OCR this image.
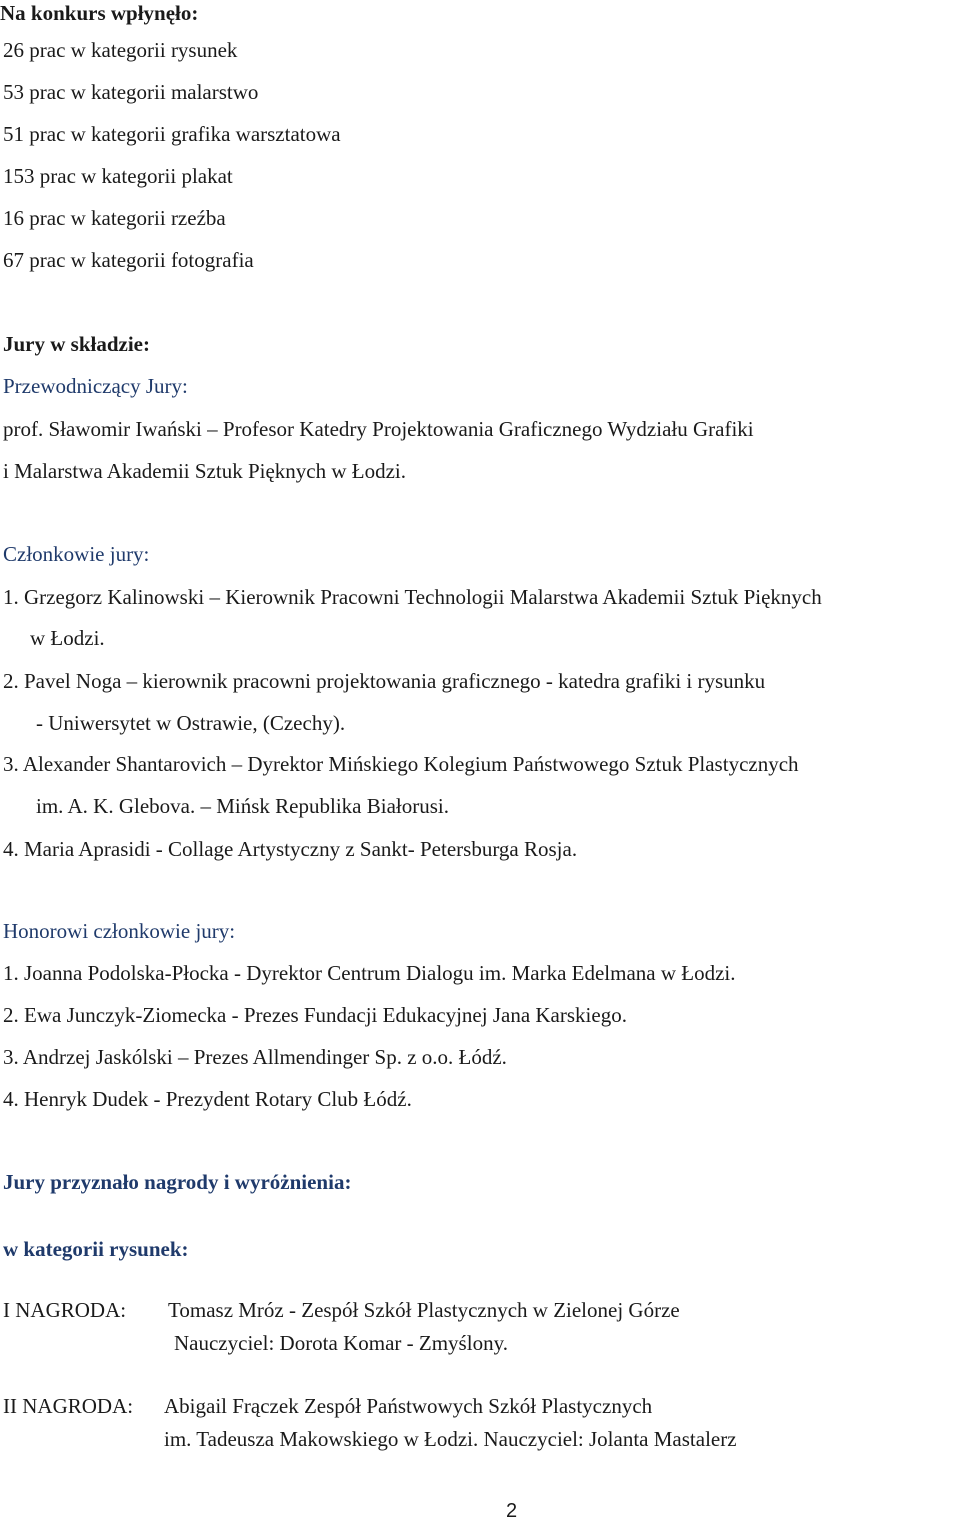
Na konkurs wpłynęło:
26 prac w kategorii rysunek
53 prac w kategorii malarstwo
51 prac w kategorii grafika warsztatowa
153 prac w kategorii plakat
16 prac w kategorii rzeźba
67 prac w kategorii fotografia
Jury w składzie:
Przewodniczący Jury:
prof. Sławomir Iwański – Profesor Katedry Projektowania Graficznego Wydziału Grafiki
i Malarstwa Akademii Sztuk Pięknych w Łodzi.
Członkowie jury:
1. Grzegorz Kalinowski – Kierownik Pracowni Technologii Malarstwa Akademii Sztuk Pięknych
w Łodzi.
2. Pavel Noga – kierownik pracowni projektowania graficznego - katedra grafiki i rysunku
- Uniwersytet w Ostrawie, (Czechy).
3. Alexander Shantarovich – Dyrektor Mińskiego Kolegium Państwowego Sztuk Plastycznych
im. A. K. Glebova. – Mińsk Republika Białorusi.
4. Maria Aprasidi - Collage Artystyczny z Sankt- Petersburga Rosja.
Honorowi członkowie jury:
1. Joanna Podolska-Płocka - Dyrektor Centrum Dialogu im. Marka Edelmana w Łodzi.
2. Ewa Junczyk-Ziomecka - Prezes Fundacji Edukacyjnej Jana Karskiego.
3. Andrzej Jaskólski – Prezes Allmendinger Sp. z o.o. Łódź.
4. Henryk Dudek - Prezydent Rotary Club Łódź.
Jury przyznało nagrody i wyróżnienia:
w kategorii rysunek:
I NAGRODA: Tomasz Mróz - Zespół Szkół Plastycznych w Zielonej Górze
Nauczyciel: Dorota Komar - Zmyślony.
II NAGRODA: Abigail Frączek Zespół Państwowych Szkół Plastycznych
im. Tadeusza Makowskiego w Łodzi. Nauczyciel: Jolanta Mastalerz
2
